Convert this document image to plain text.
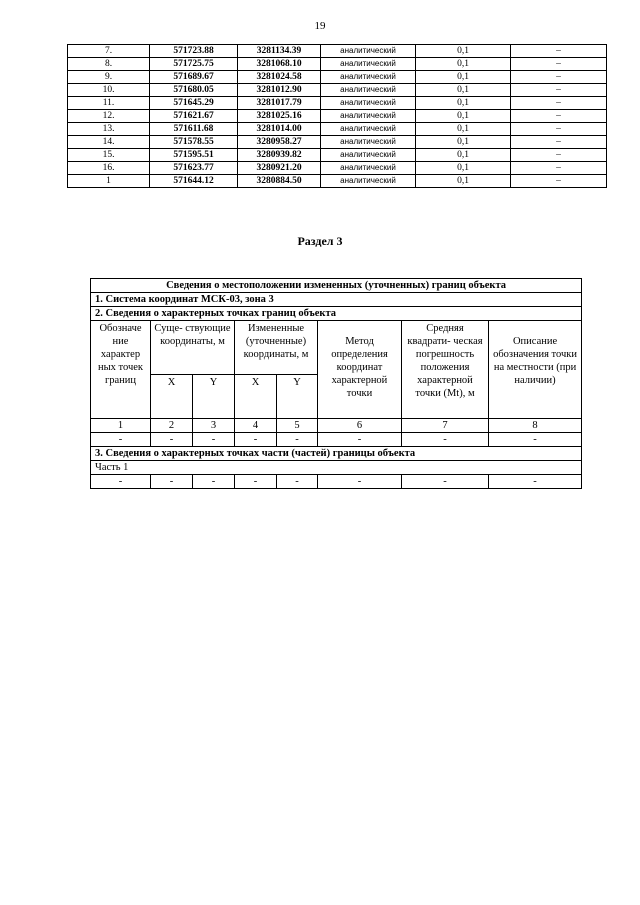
19
7.	571723.88	3281134.39	аналитический	0,1	–
8.	571725.75	3281068.10	аналитический	0,1	–
9.	571689.67	3281024.58	аналитический	0,1	–
10.	571680.05	3281012.90	аналитический	0,1	–
11.	571645.29	3281017.79	аналитический	0,1	–
12.	571621.67	3281025.16	аналитический	0,1	–
13.	571611.68	3281014.00	аналитический	0,1	–
14.	571578.55	3280958.27	аналитический	0,1	–
15.	571595.51	3280939.82	аналитический	0,1	–
16.	571623.77	3280921.20	аналитический	0,1	–
1	571644.12	3280884.50	аналитический	0,1	–
Раздел 3
Сведения о местоположении измененных (уточненных) границ объекта							
1. Система координат МСК-03, зона 3							
2. Сведения о характерных точках границ объекта							
Обозначе ние характер ных точек границ	Суще- ствующие координаты, м		Измененные (уточненные) координаты, м		Метод определения координат характерной точки	Средняя квадрати- ческая погрешность положения характерной точки (Mt), м	Описание обозначения точки на местности (при наличии)
	X	Y	X	Y			
1	2	3	4	5	6	7	8
-	-	-	-	-	-	-	-
3. Сведения о характерных точках части (частей) границы объекта							
Часть 1							
-	-	-	-	-	-	-	-
